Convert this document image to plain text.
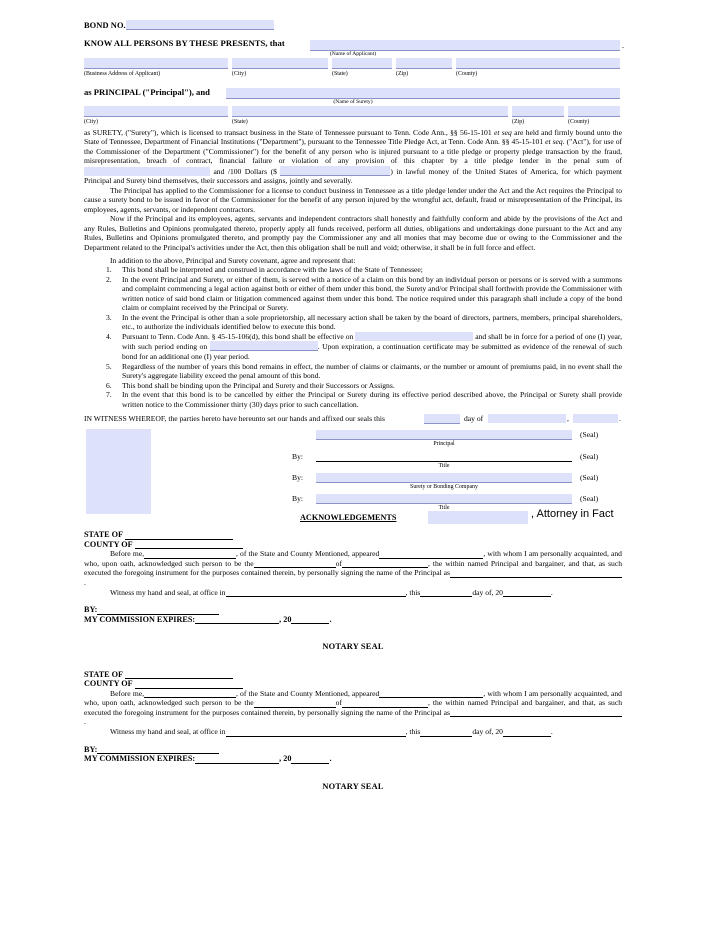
BOND NO.
KNOW ALL PERSONS BY THESE PRESENTS, that	.
(Name of Applicant)
(Business Address of Applicant)	(City)	(State)	(Zip)	(County)
as PRINCIPAL ("Principal"), and
(Name of Surety)
(City)	(State)	(Zip)	(County)

as SURETY, ("Surety"), which is licensed to transact business in the State of Tennessee pursuant to Tenn. Code Ann., §§ 56-15-101 et seq are held and firmly bound unto the State of Tennessee, Department of Financial Institutions ("Department"), pursuant to the Tennessee Title Pledge Act, at Tenn. Code Ann. §§ 45-15-101 et seq. ("Act"), for use of the Commissioner of the Department ("Commissioner") for the benefit of any person who is injured pursuant to a title pledge or property pledge transaction by the fraud, misrepresentation, breach of contract, financial failure or violation of any provision of this chapter by a title pledge lender in the penal sum of  and /100 Dollars ($	) in lawful money of the United States of America, for which payment Principal and Surety bind themselves, their successors and assigns, jointly and severally.

The Principal has applied to the Commissioner for a license to conduct business in Tennessee as a title pledge lender under the Act and the Act requires the Principal to cause a surety bond to be issued in favor of the Commissioner for the benefit of any person injured by the wrongful act, default, fraud or misrepresentation of the Principal, its employees, agents, servants, or independent contractors.

Now if the Principal and its employees, agents, servants and independent contractors shall honestly and faithfully conform and abide by the provisions of the Act and any Rules, Bulletins and Opinions promulgated thereto, properly apply all funds received, perform all duties, obligations and undertakings done pursuant to the Act and any Rules, Bulletins and Opinions promulgated thereto, and promptly pay the Commissioner any and all monies that may become due or owing to the Commissioner and the Department related to the Principal's activities under the Act, then this obligation shall be null and void; otherwise, it shall be in full force and effect.

In addition to the above, Principal and Surety covenant, agree and represent that:

1. This bond shall be interpreted and construed in accordance with the laws of the State of Tennessee;
2. In the event Principal and Surety, or either of them, is served with a notice of a claim on this bond by an individual person or persons or is served with a summons and complaint commencing a legal action against both or either of them under this bond, the Surety and/or Principal shall forthwith provide the Commissioner with written notice of said bond claim or litigation commenced against them under this bond. The notice required under this paragraph shall include a copy of the bond claim or complaint received by the Principal or Surety.
3. In the event the Principal is other than a sole proprietorship, all necessary action shall be taken by the board of directors, partners, members, principal shareholders, etc., to authorize the individuals identified below to execute this bond.
4. Pursuant to Tenn. Code Ann. § 45-15-106(d), this bond shall be effective on	and shall be in force for a period of one (I) year, with such period ending on	. Upon expiration, a continuation certificate may be submitted as evidence of the renewal of such bond for an additional one (I) year period.
5. Regardless of the number of years this bond remains in effect, the number of claims or claimants, or the number or amount of premiums paid, in no event shall the Surety's aggregate liability exceed the penal amount of this bond.
6. This bond shall be binding upon the Principal and Surety and their Successors or Assigns.
7. In the event that this bond is to be cancelled by either the Principal or Surety during its effective period described above, the Principal or Surety shall provide written notice to the Commissioner thirty (30) days prior to such cancellation.
IN WITNESS WHEREOF, the parties hereto have hereunto set our hands and affixed our seals this	day of	,	.
(Seal)
Principal
By:	(Seal)
Title
By:	(Seal)
Surety or Bonding Company
By:	(Seal)
Title
ACKNOWLEDGEMENTS	, Attorney in Fact
STATE OF
COUNTY OF

Before me,	, of the State and County Mentioned, appeared	, with whom I am personally acquainted, and who, upon oath, acknowledged such person to be the	of	, the within named Principal and bargainer, and that, as such executed the foregoing instrument for the purposes contained therein, by personally signing the name of the Principal as.

Witness my hand and seal, at office in	, this	day of, 20	.

BY:
MY COMMISSION EXPIRES:	, 20	.
NOTARY SEAL
STATE OF
COUNTY OF

Before me,	, of the State and County Mentioned, appeared	, with whom I am personally acquainted, and who, upon oath, acknowledged such person to be the	of	, the within named Principal and bargainer, and that, as such executed the foregoing instrument for the purposes contained therein, by personally signing the name of the Principal as.

Witness my hand and seal, at office in	, this	day of, 20	.

BY:
MY COMMISSION EXPIRES:	, 20	.
NOTARY SEAL
